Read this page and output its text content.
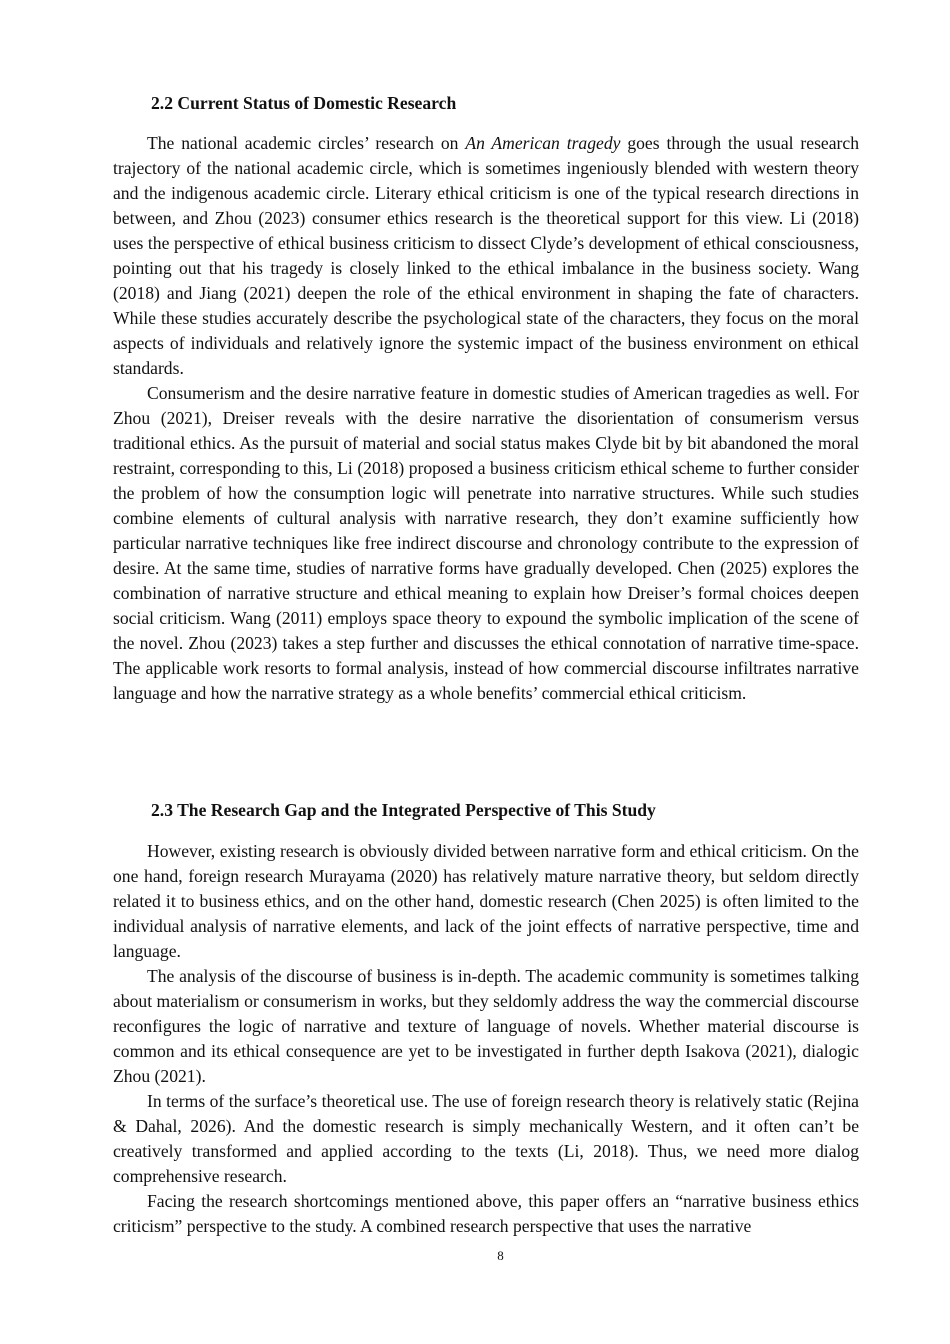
2.2 Current Status of Domestic Research

The national academic circles’ research on An American tragedy goes through the usual research trajectory of the national academic circle, which is sometimes ingeniously blended with western theory and the indigenous academic circle. Literary ethical criticism is one of the typical research directions in between, and Zhou (2023) consumer ethics research is the theoretical support for this view. Li (2018) uses the perspective of ethical business criticism to dissect Clyde’s development of ethical consciousness, pointing out that his tragedy is closely linked to the ethical imbalance in the business society. Wang (2018) and Jiang (2021) deepen the role of the ethical environment in shaping the fate of characters. While these studies accurately describe the psychological state of the characters, they focus on the moral aspects of individuals and relatively ignore the systemic impact of the business environment on ethical standards.

Consumerism and the desire narrative feature in domestic studies of American tragedies as well. For Zhou (2021), Dreiser reveals with the desire narrative the disorientation of consumerism versus traditional ethics. As the pursuit of material and social status makes Clyde bit by bit abandoned the moral restraint, corresponding to this, Li (2018) proposed a business criticism ethical scheme to further consider the problem of how the consumption logic will penetrate into narrative structures. While such studies combine elements of cultural analysis with narrative research, they don’t examine sufficiently how particular narrative techniques like free indirect discourse and chronology contribute to the expression of desire. At the same time, studies of narrative forms have gradually developed. Chen (2025) explores the combination of narrative structure and ethical meaning to explain how Dreiser’s formal choices deepen social criticism. Wang (2011) employs space theory to expound the symbolic implication of the scene of the novel. Zhou (2023) takes a step further and discusses the ethical connotation of narrative time-space. The applicable work resorts to formal analysis, instead of how commercial discourse infiltrates narrative language and how the narrative strategy as a whole benefits’ commercial ethical criticism.

2.3 The Research Gap and the Integrated Perspective of This Study

However, existing research is obviously divided between narrative form and ethical criticism. On the one hand, foreign research Murayama (2020) has relatively mature narrative theory, but seldom directly related it to business ethics, and on the other hand, domestic research (Chen 2025) is often limited to the individual analysis of narrative elements, and lack of the joint effects of narrative perspective, time and language.

The analysis of the discourse of business is in-depth. The academic community is sometimes talking about materialism or consumerism in works, but they seldomly address the way the commercial discourse reconfigures the logic of narrative and texture of language of novels. Whether material discourse is common and its ethical consequence are yet to be investigated in further depth Isakova (2021), dialogic Zhou (2021).

In terms of the surface’s theoretical use. The use of foreign research theory is relatively static (Rejina & Dahal, 2026). And the domestic research is simply mechanically Western, and it often can’t be creatively transformed and applied according to the texts (Li, 2018). Thus, we need more dialog comprehensive research.

Facing the research shortcomings mentioned above, this paper offers an “narrative business ethics criticism” perspective to the study. A combined research perspective that uses the narrative

8
